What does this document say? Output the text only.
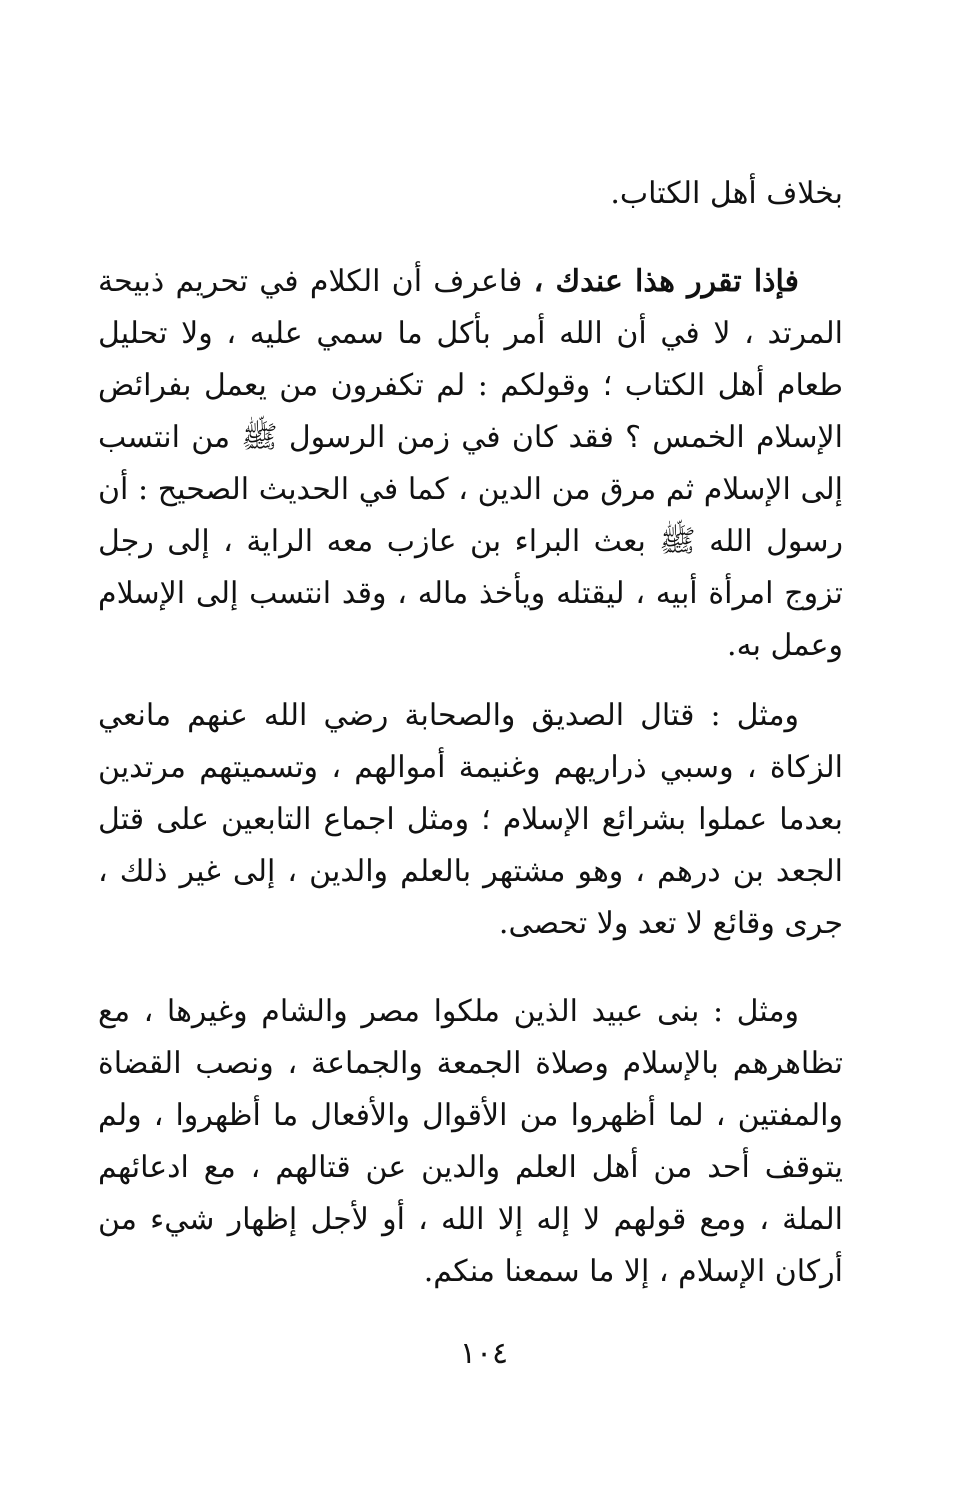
بخلاف أهل الكتاب.

فإذا تقرر هذا عندك ، فاعرف أن الكلام في تحريم ذبيحة المرتد ، لا في أن الله أمر بأكل ما سمي عليه ، ولا تحليل طعام أهل الكتاب ؛ وقولكم : لم تكفرون من يعمل بفرائض الإسلام الخمس ؟ فقد كان في زمن الرسول ﷺ من انتسب إلى الإسلام ثم مرق من الدين ، كما في الحديث الصحيح : أن رسول الله ﷺ بعث البراء بن عازب معه الراية ، إلى رجل تزوج امرأة أبيه ، ليقتله ويأخذ ماله ، وقد انتسب إلى الإسلام وعمل به.

ومثل : قتال الصديق والصحابة رضي الله عنهم مانعي الزكاة ، وسبي ذراريهم وغنيمة أموالهم ، وتسميتهم مرتدين بعدما عملوا بشرائع الإسلام ؛ ومثل اجماع التابعين على قتل الجعد بن درهم ، وهو مشتهر بالعلم والدين ، إلى غير ذلك ، جرى وقائع لا تعد ولا تحصى.

ومثل : بنى عبيد الذين ملكوا مصر والشام وغيرها ، مع تظاهرهم بالإسلام وصلاة الجمعة والجماعة ، ونصب القضاة والمفتين ، لما أظهروا من الأقوال والأفعال ما أظهروا ، ولم يتوقف أحد من أهل العلم والدين عن قتالهم ، مع ادعائهم الملة ، ومع قولهم لا إله إلا الله ، أو لأجل إظهار شيء من أركان الإسلام ، إلا ما سمعنا منكم.

١٠٤
